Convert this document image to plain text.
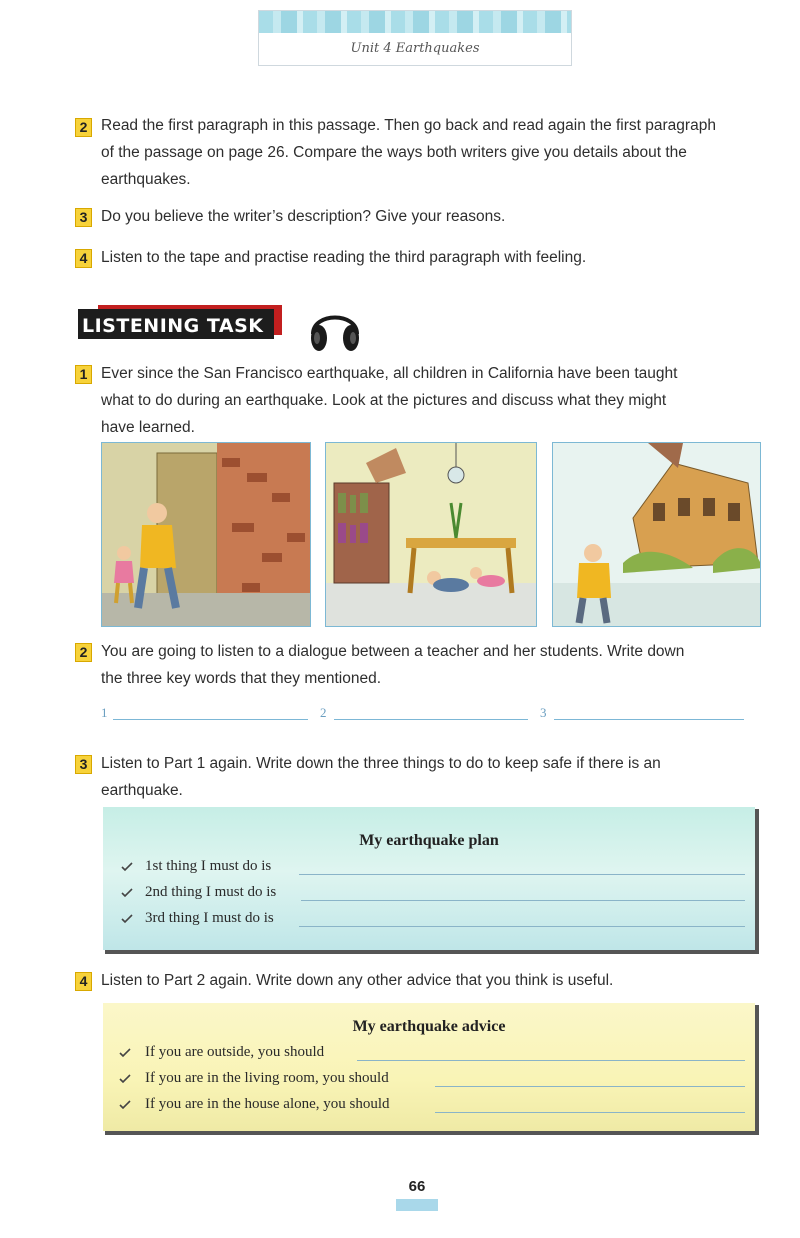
Unit 4 Earthquakes
2 Read the first paragraph in this passage. Then go back and read again the first paragraph
of the passage on page 26. Compare the ways both writers give you details about the
earthquakes.
3 Do you believe the writer’s description? Give your reasons.
4 Listen to the tape and practise reading the third paragraph with feeling.
LISTENING TASK
1 Ever since the San Francisco earthquake, all children in California have been taught
what to do during an earthquake. Look at the pictures and discuss what they might
have learned.
2 You are going to listen to a dialogue between a teacher and her students. Write down
the three key words that they mentioned.
1	2	3
3 Listen to Part 1 again. Write down the three things to do to keep safe if there is an
earthquake.
My earthquake plan
1st thing I must do is
2nd thing I must do is
3rd thing I must do is
4 Listen to Part 2 again. Write down any other advice that you think is useful.
My earthquake advice
If you are outside, you should
If you are in the living room, you should
If you are in the house alone, you should
66
